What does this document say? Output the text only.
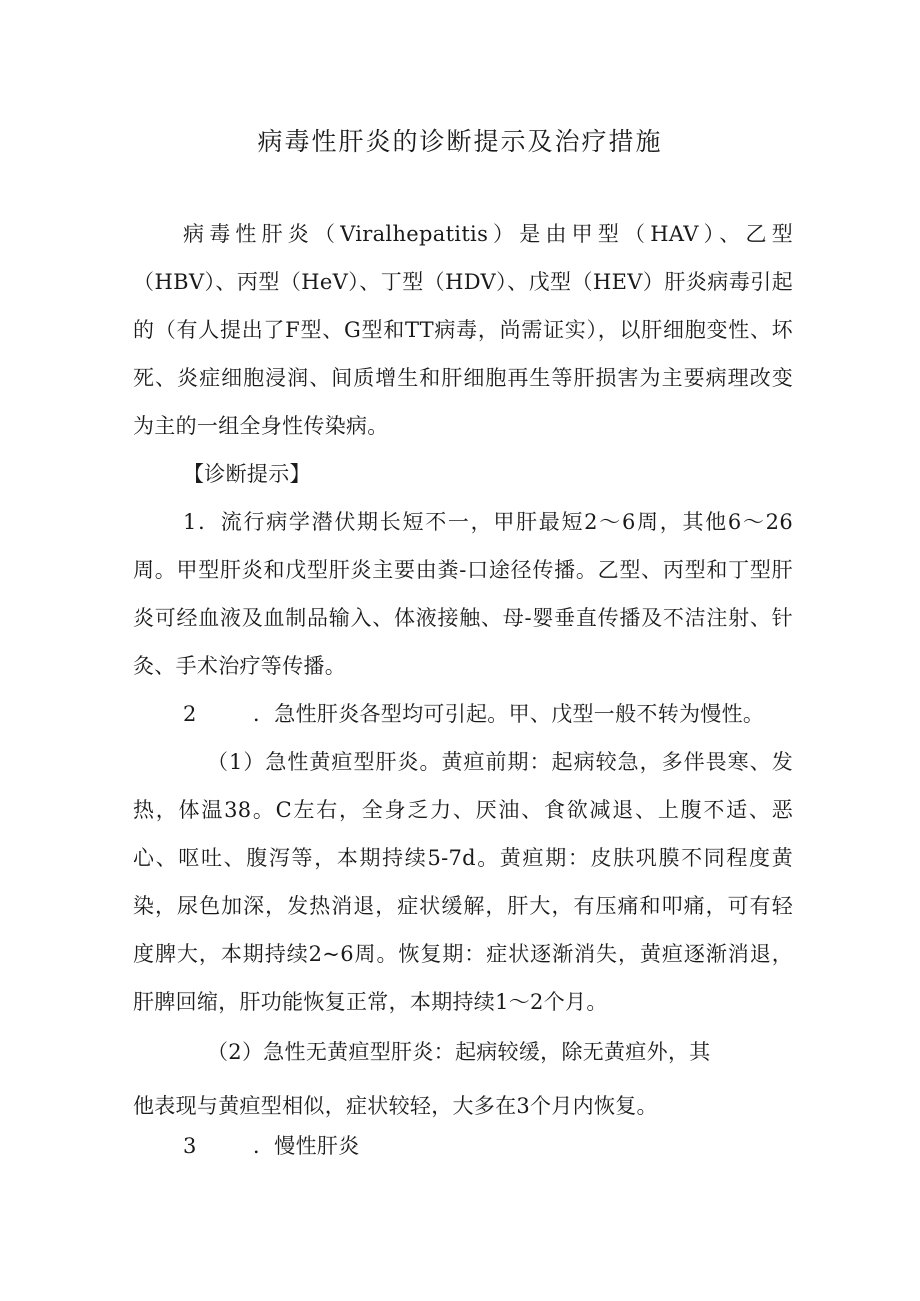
病毒性肝炎的诊断提示及治疗措施

病毒性肝炎（Viralhepatitis）是由甲型（HAV）、乙型（HBV）、丙型（HeV）、丁型（HDV）、戊型（HEV）肝炎病毒引起的（有人提出了F型、G型和TT病毒，尚需证实），以肝细胞变性、坏死、炎症细胞浸润、间质增生和肝细胞再生等肝损害为主要病理改变为主的一组全身性传染病。

【诊断提示】

1．流行病学潜伏期长短不一，甲肝最短2～6周，其他6～26周。甲型肝炎和戊型肝炎主要由粪-口途径传播。乙型、丙型和丁型肝炎可经血液及血制品输入、体液接触、母-婴垂直传播及不洁注射、针灸、手术治疗等传播。

2	．急性肝炎各型均可引起。甲、戊型一般不转为慢性。

（1）急性黄疸型肝炎。黄疸前期：起病较急，多伴畏寒、发热，体温38。C左右，全身乏力、厌油、食欲减退、上腹不适、恶心、呕吐、腹泻等，本期持续5-7d。黄疸期：皮肤巩膜不同程度黄染，尿色加深，发热消退，症状缓解，肝大，有压痛和叩痛，可有轻度脾大，本期持续2~6周。恢复期：症状逐渐消失，黄疸逐渐消退，肝脾回缩，肝功能恢复正常，本期持续1～2个月。

（2）急性无黄疸型肝炎：起病较缓，除无黄疸外，其
他表现与黄疸型相似，症状较轻，大多在3个月内恢复。
3	．慢性肝炎
